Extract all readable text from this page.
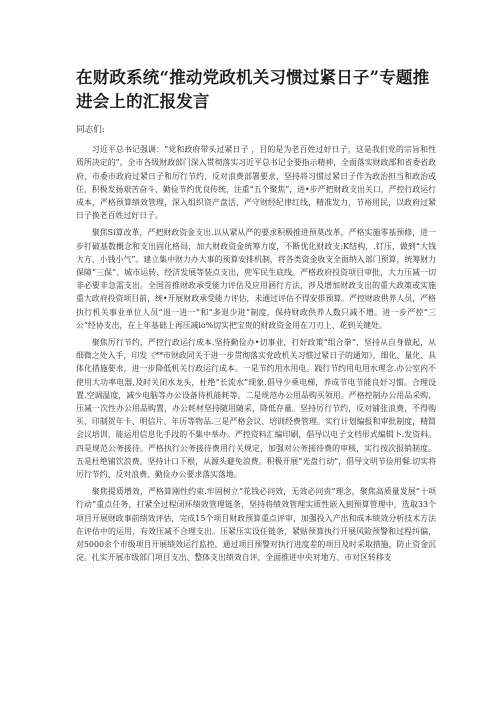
在财政系统“推动党政机关习惯过紧日子”专题推进会上的汇报发言

同志们:

习近平总书记强调：“党和政府带头过紧日子 ，目的是为老百姓过好日子，这是我们党的宗旨和性质所决定的”。全市各级财政部门深入贯彻落实习近平总书记全要指示精神，全面落实财政部和省委省政府、市委市政府过紧日子和厉行节约、反对浪费部署要求，坚持将习惯过紧日子作为政治担当和政治或任，积极发扬艰苦奋斗、勤俭节约优良传统，注重“五个聚焦”，进•步严把财政支出关口，严控行政运行成本，严格预算绩效管理，深入组织资产盘活，严守财经纪律红线，精准发力，节裕用民，以政府过紧日子换老百姓过好日子。

聚焦Si算改革，严把财政资金支出.以从紧从严的要求积极推进预莫改革，严格实施零基预修，进一步打破基数概念和支出固化格局，加大财政资金统筹力度，不断优化财政支:K结构，.钉压，做到“大钱大方、小钱小气”。建立集中财力办大事的预算安排机制，将各类资金收支全面纳入部门预算，统筹财力保障“三保”、城市运转、经济发展等装点支出，兜军民生底线。严格政府投资项目审批，大力压减一切非必要非急需支出。全国首推财政承受能力评估及应用涵行方法，涉及增加财政支出的重大政策或实施重大政府投资项目前，统•开展财政承受能力评估，未通过评估不得安排预算。严控财政供养人员，严格执行机关事业单位人员“退一进一”和“多退少进”制度，保持财政供养人数只减不增。进一步严控“三公”经协支出，在上年基础上再压减io%切实把宝贵的财政资金用在刀刃上、花到关键处。

聚焦厉行节约，严控行政运行成本.坚持勤俭办•切事业，打好政策“组合拳”，坚持从自身做起，从细微之处入手，印发《**市财政同关于进一步贯彻落实党政机关习惯过紧日子的通知》，细化、量化、具体化措施要求，进一步降低机关行政运行成本。一是节约用水用电。践行节约用电用水理念.办公室内不使用大功率电器,及时关闭水龙头，杜绝“长流水”现象.倡导少乘电梯，养成节电节能良好习惯。合理设置.空调温度，减少电脑等办公设备待机能耗等。二是规范办公用品购买领用。严格控制办公用品采购，压减一次性办公用品购置，办公耗材坚持随用随采，降低存量。坚持厉行节约，反对铺张浪费，不得购买、印制贺年卡、明信片、年历等物品.三是严格会议、培训经费管理。实行计划编报和审批制度，精简会议培训，能运用信息化手段的不集中举办。严控资料汇编印刷，倡导以电子文档形式编辑卜.发资料。四是规范公务接待。严格执行公务接待费用行关规定，加强对公务接待费的审核，实行按次报销制度。五是杜绝铺饮浪费。坚持计口下根，从源头避免浪费。积极开展“光盘行动”，倡导文明节俭用餐.切实将厉行节约、反对浪费、勤俭办公要求落实落地。

聚焦提质增效，严格算刚性约束.牢固树立“花钱必问效，无效必问责”理念，聚焦高质量发展“十项行动”重点任务，打紧全过程闭环绩效管理链条，坚持将绩效管理实质性嵌入到预算管理中，选取33个项目开展财政事前绩效评估，完成15个项目财政预算重点评审，加强投入产出和成本绩效分析技术方法在评估中的运用，有效压减不合理支出。压紧压实设任链条，紧贴预算执行开展风险预警和过程纠偏，对5000余个市级项目开展绩效运行监控，通过项目预警对执行进度差的项目及时采取措施，防止资金沉淀。扎实开展市级部门项目支出、整体支出绩效自评，全面推进中央对地方、市对区转移支
